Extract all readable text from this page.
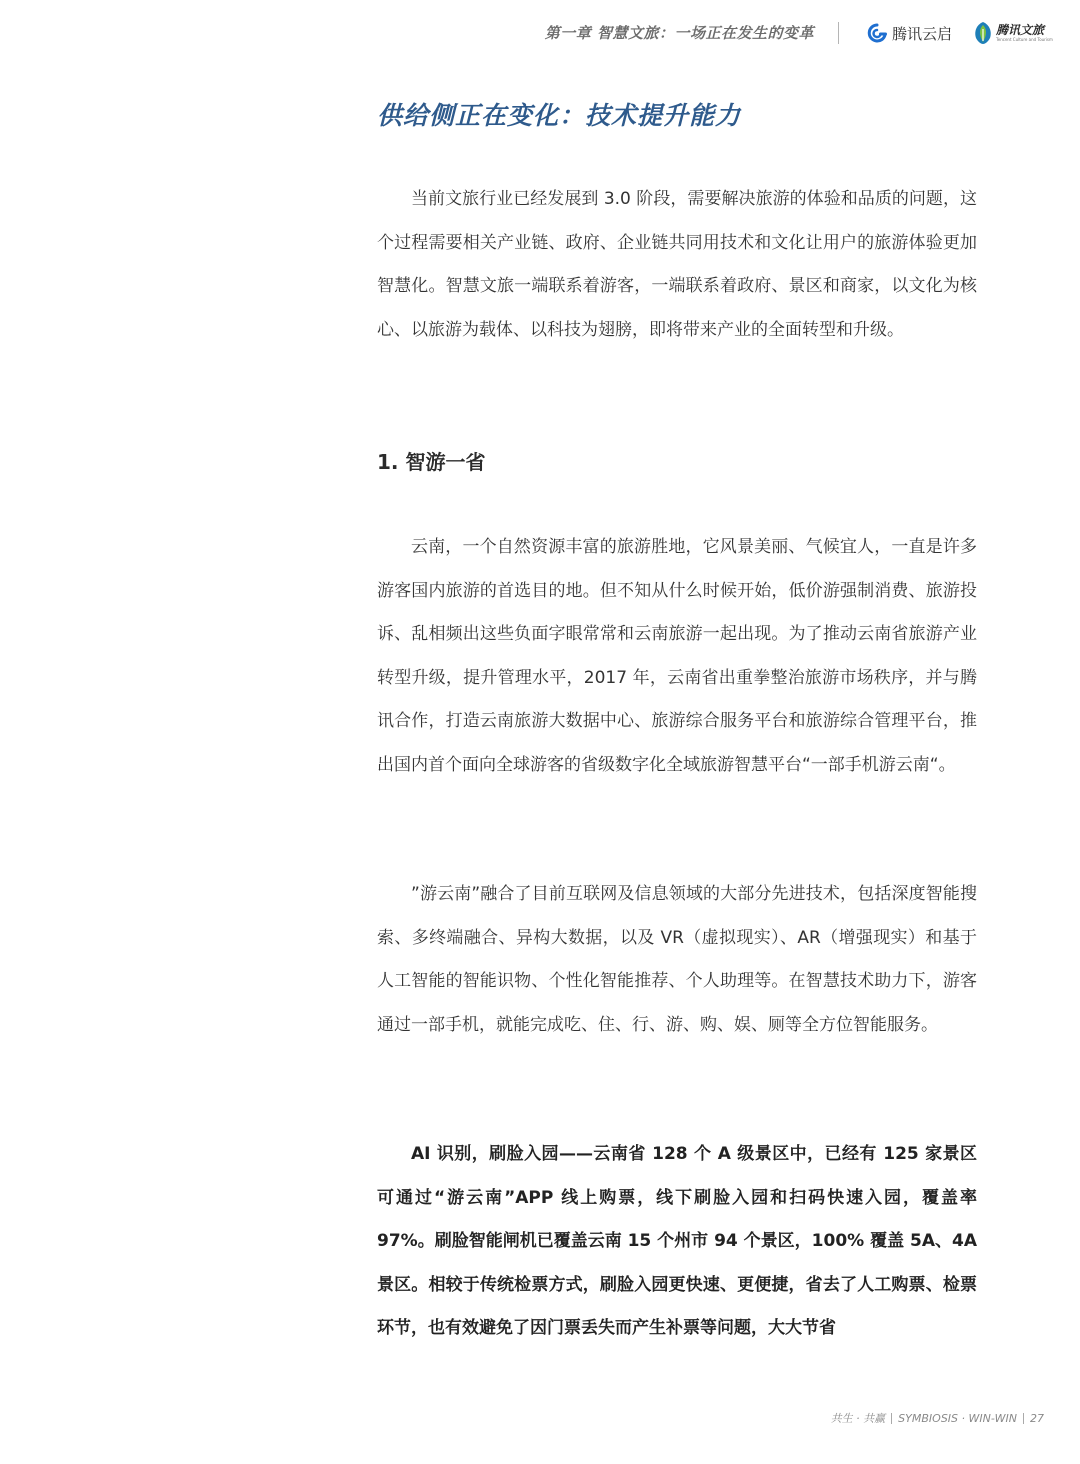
第一章 智慧文旅：一场正在发生的变革	腾讯云启	腾讯文旅
Tencent Culture and Tourism
供给侧正在变化：技术提升能力

当前文旅行业已经发展到 3.0 阶段，需要解决旅游的体验和品质的问题，这个过程需要相关产业链、政府、企业链共同用技术和文化让用户的旅游体验更加智慧化。智慧文旅一端联系着游客，一端联系着政府、景区和商家，以文化为核心、以旅游为载体、以科技为翅膀，即将带来产业的全面转型和升级。

1. 智游一省

云南，一个自然资源丰富的旅游胜地，它风景美丽、气候宜人，一直是许多游客国内旅游的首选目的地。但不知从什么时候开始，低价游强制消费、旅游投诉、乱相频出这些负面字眼常常和云南旅游一起出现。为了推动云南省旅游产业转型升级，提升管理水平，2017 年，云南省出重拳整治旅游市场秩序，并与腾讯合作，打造云南旅游大数据中心、旅游综合服务平台和旅游综合管理平台，推出国内首个面向全球游客的省级数字化全域旅游智慧平台“一部手机游云南“。

”游云南”融合了目前互联网及信息领域的大部分先进技术，包括深度智能搜索、多终端融合、异构大数据，以及 VR（虚拟现实）、AR（增强现实）和基于人工智能的智能识物、个性化智能推荐、个人助理等。在智慧技术助力下，游客通过一部手机，就能完成吃、住、行、游、购、娱、厕等全方位智能服务。

AI 识别，刷脸入园——云南省 128 个 A 级景区中，已经有 125 家景区可通过“游云南”APP 线上购票，线下刷脸入园和扫码快速入园，覆盖率 97%。刷脸智能闸机已覆盖云南 15 个州市 94 个景区，100% 覆盖 5A、4A 景区。相较于传统检票方式，刷脸入园更快速、更便捷，省去了人工购票、检票环节，也有效避免了因门票丢失而产生补票等问题，大大节省

共生 · 共赢 SYMBIOSIS · WIN-WIN 27
